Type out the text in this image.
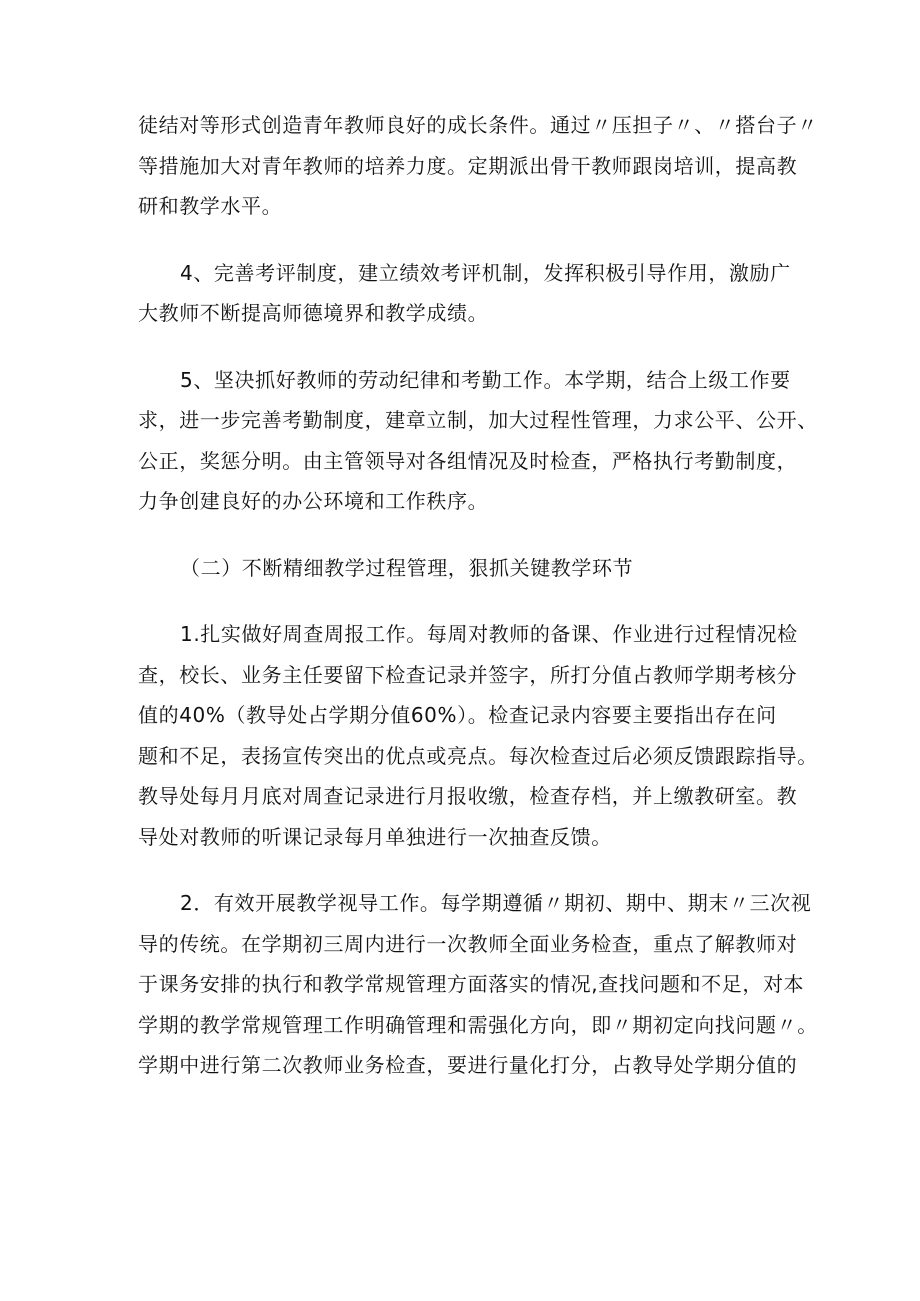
徒结对等形式创造青年教师良好的成长条件。通过〃压担子〃、〃搭台子〃
等措施加大对青年教师的培养力度。定期派出骨干教师跟岗培训，提高教
研和教学水平。

4、完善考评制度，建立绩效考评机制，发挥积极引导作用，激励广
大教师不断提高师德境界和教学成绩。

5、坚决抓好教师的劳动纪律和考勤工作。本学期，结合上级工作要
求，进一步完善考勤制度，建章立制，加大过程性管理，力求公平、公开、
公正，奖惩分明。由主管领导对各组情况及时检查，严格执行考勤制度，
力争创建良好的办公环境和工作秩序。

（二）不断精细教学过程管理，狠抓关键教学环节

1.扎实做好周查周报工作。每周对教师的备课、作业进行过程情况检
查，校长、业务主任要留下检查记录并签字，所打分值占教师学期考核分
值的40%（教导处占学期分值60%）。检查记录内容要主要指出存在问
题和不足，表扬宣传突出的优点或亮点。每次检查过后必须反馈跟踪指导。
教导处每月月底对周查记录进行月报收缴，检查存档，并上缴教研室。教
导处对教师的听课记录每月单独进行一次抽查反馈。

2．有效开展教学视导工作。每学期遵循〃期初、期中、期末〃三次视
导的传统。在学期初三周内进行一次教师全面业务检查，重点了解教师对
于课务安排的执行和教学常规管理方面落实的情况,查找问题和不足，对本
学期的教学常规管理工作明确管理和需强化方向，即〃期初定向找问题〃。
学期中进行第二次教师业务检查，要进行量化打分，占教导处学期分值的
